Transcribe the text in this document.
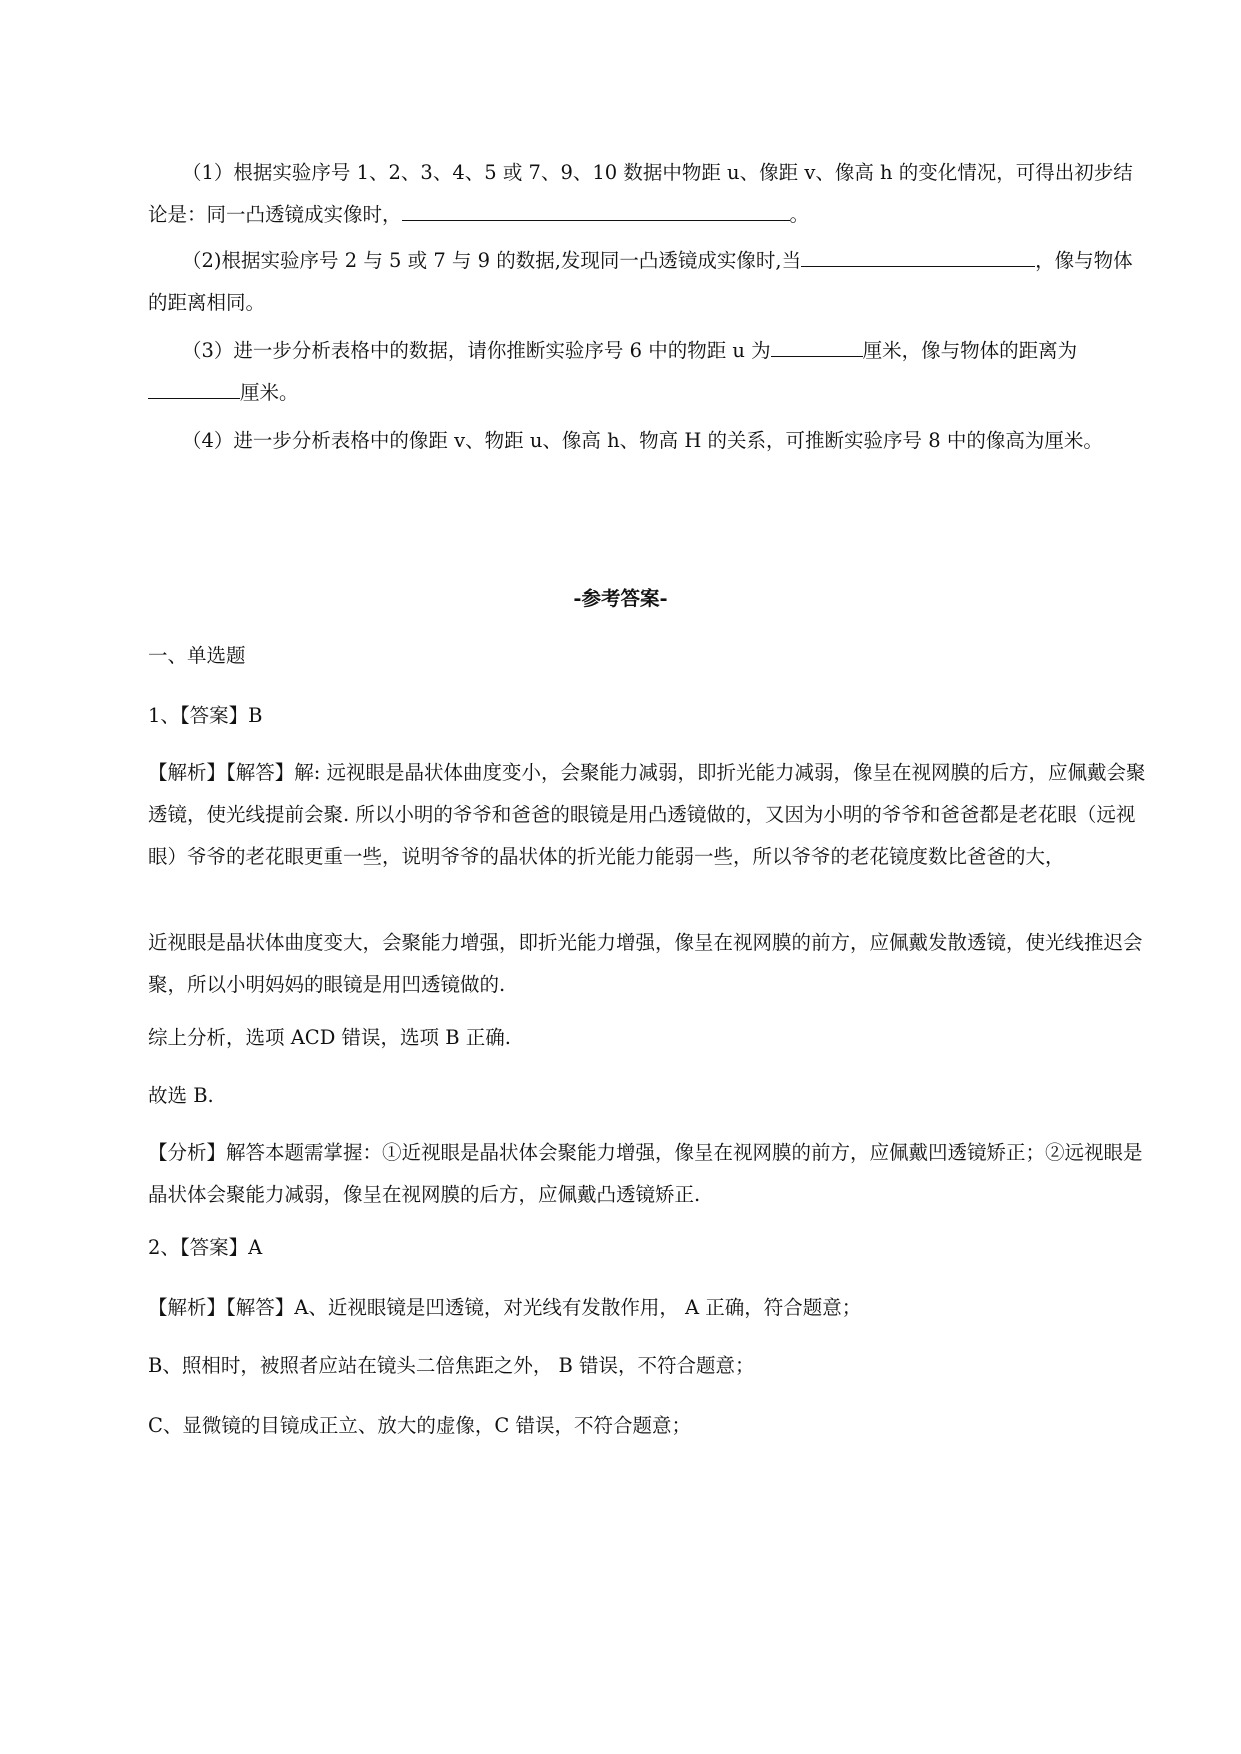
（1）根据实验序号 1、2、3、4、5 或 7、9、10 数据中物距 u、像距 v、像高 h 的变化情况，可得出初步结论是：同一凸透镜成实像时，	。
（2)根据实验序号 2 与 5 或 7 与 9 的数据,发现同一凸透镜成实像时,当	，像与物体的距离相同。
（3）进一步分析表格中的数据，请你推断实验序号 6 中的物距 u 为	厘米，像与物体的距离为厘米。
（4）进一步分析表格中的像距 v、物距 u、像高 h、物高 H 的关系，可推断实验序号 8 中的像高为厘米。
-参考答案-
一、单选题
1、【答案】B
【解析】【解答】解: 远视眼是晶状体曲度变小，会聚能力减弱，即折光能力减弱，像呈在视网膜的后方，应佩戴会聚透镜，使光线提前会聚. 所以小明的爷爷和爸爸的眼镜是用凸透镜做的，又因为小明的爷爷和爸爸都是老花眼（远视眼）爷爷的老花眼更重一些，说明爷爷的晶状体的折光能力能弱一些，所以爷爷的老花镜度数比爸爸的大，
近视眼是晶状体曲度变大，会聚能力增强，即折光能力增强，像呈在视网膜的前方，应佩戴发散透镜，使光线推迟会聚，所以小明妈妈的眼镜是用凹透镜做的.
综上分析，选项 ACD 错误，选项 B 正确.
故选 B.
【分析】解答本题需掌握：①近视眼是晶状体会聚能力增强，像呈在视网膜的前方，应佩戴凹透镜矫正；②远视眼是晶状体会聚能力减弱，像呈在视网膜的后方，应佩戴凸透镜矫正.
2、【答案】A
【解析】【解答】A、近视眼镜是凹透镜，对光线有发散作用， A 正确，符合题意；
B、照相时，被照者应站在镜头二倍焦距之外， B 错误，不符合题意；
C、显微镜的目镜成正立、放大的虚像，C 错误，不符合题意；
